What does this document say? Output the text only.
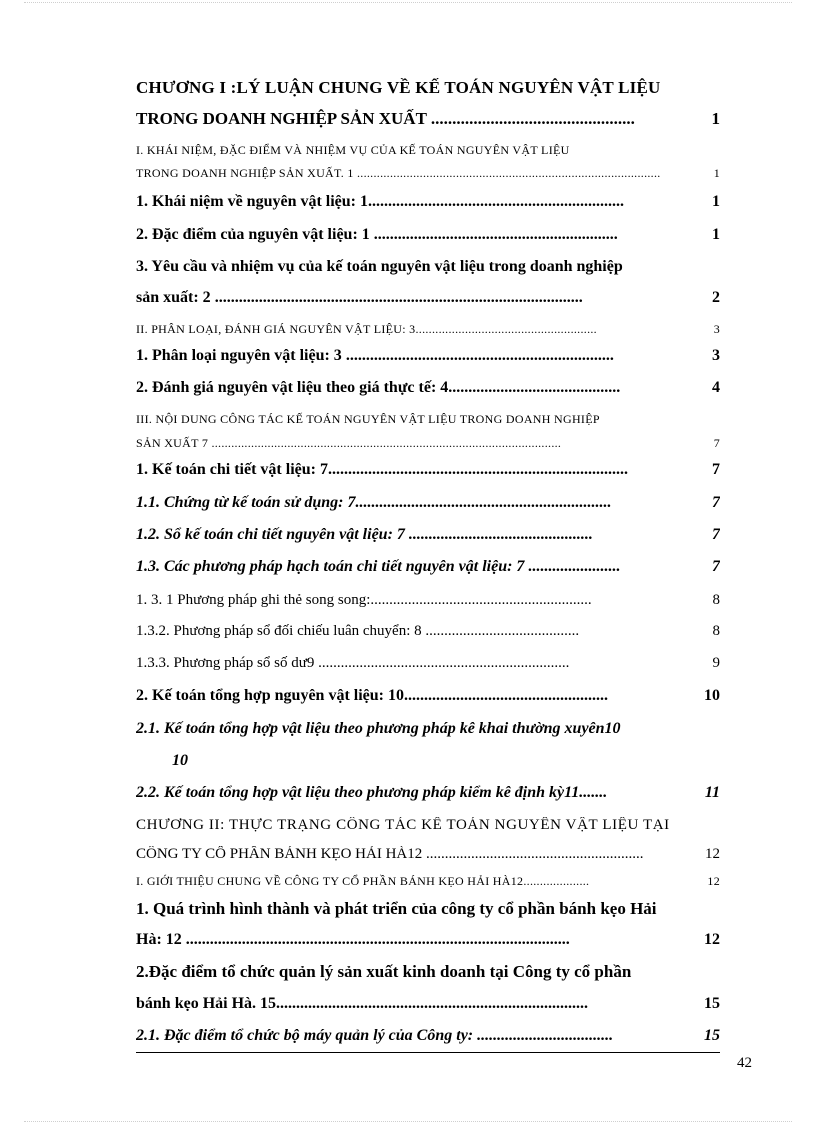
CHƯƠNG I :LÝ LUẬN CHUNG VỀ KẾ TOÁN NGUYÊN VẬT LIỆU
TRONG DOANH NGHIỆP SẢN XUẤT ................................................	1
I. KHÁI NIỆM, ĐẶC ĐIỂM VÀ NHIỆM VỤ CỦA KẾ TOÁN NGUYÊN VẬT LIỆU
TRONG DOANH NGHIỆP SẢN XUẤT. 1 ............................................................................................	1
1. Khái niệm về nguyên vật liệu: 1................................................................	1
2. Đặc điểm của nguyên vật liệu: 1 .............................................................	1
3. Yêu cầu và nhiệm vụ của kế toán nguyên vật liệu trong doanh nghiệp
sản xuất: 2 ............................................................................................	2
II. PHÂN LOẠI, ĐÁNH GIÁ NGUYÊN VẬT LIỆU: 3.......................................................	3
1. Phân loại nguyên vật liệu: 3 ...................................................................	3
2. Đánh giá nguyên vật liệu theo giá thực tế: 4...........................................	4
III. NỘI DUNG CÔNG TÁC KẾ TOÁN NGUYÊN VẬT LIỆU TRONG DOANH NGHIỆP
SẢN XUẤT 7 ..........................................................................................................	7
1. Kế toán chi tiết vật liệu: 7...........................................................................	7
1.1. Chứng từ kế toán sử dụng: 7................................................................	7
1.2. Sổ kế toán chi tiết nguyên vật liệu: 7 ..............................................	7
1.3. Các phương pháp hạch toán chi tiết nguyên vật liệu: 7 .......................	7
1. 3. 1 Phương pháp ghi thẻ song song:...........................................................	8
1.3.2. Phương pháp sổ đối chiếu luân chuyển: 8 .........................................	8
1.3.3. Phương pháp sổ số dư9 ...................................................................	9
2. Kế toán tổng hợp nguyên vật liệu: 10...................................................	10
2.1. Kế toán tổng hợp vật liệu theo phương pháp kê khai thường xuyên10
10
2.2. Kế toán tổng hợp vật liệu theo phương pháp kiểm kê định kỳ11.......	11
CHƯƠNG II: THỰC TRẠNG CÔNG TÁC KẾ TOÁN NGUYÊN VẬT LIỆU TẠI
CÔNG TY CỔ PHẦN BÁNH KẸO HẢI HÀ12 ..........................................................	12
I. GIỚI THIỆU CHUNG VỀ CÔNG TY CỔ PHẦN BÁNH KẸO HẢI HÀ12....................	12
1. Quá trình hình thành và phát triển của công ty cổ phần bánh kẹo Hải
Hà: 12 ................................................................................................	12
2.Đặc điểm tổ chức quản lý sản xuất kinh doanh tại Công ty cổ phần
bánh kẹo Hải Hà. 15..............................................................................	15
2.1. Đặc điểm tổ chức bộ máy quản lý của Công ty: ..................................	15
42
